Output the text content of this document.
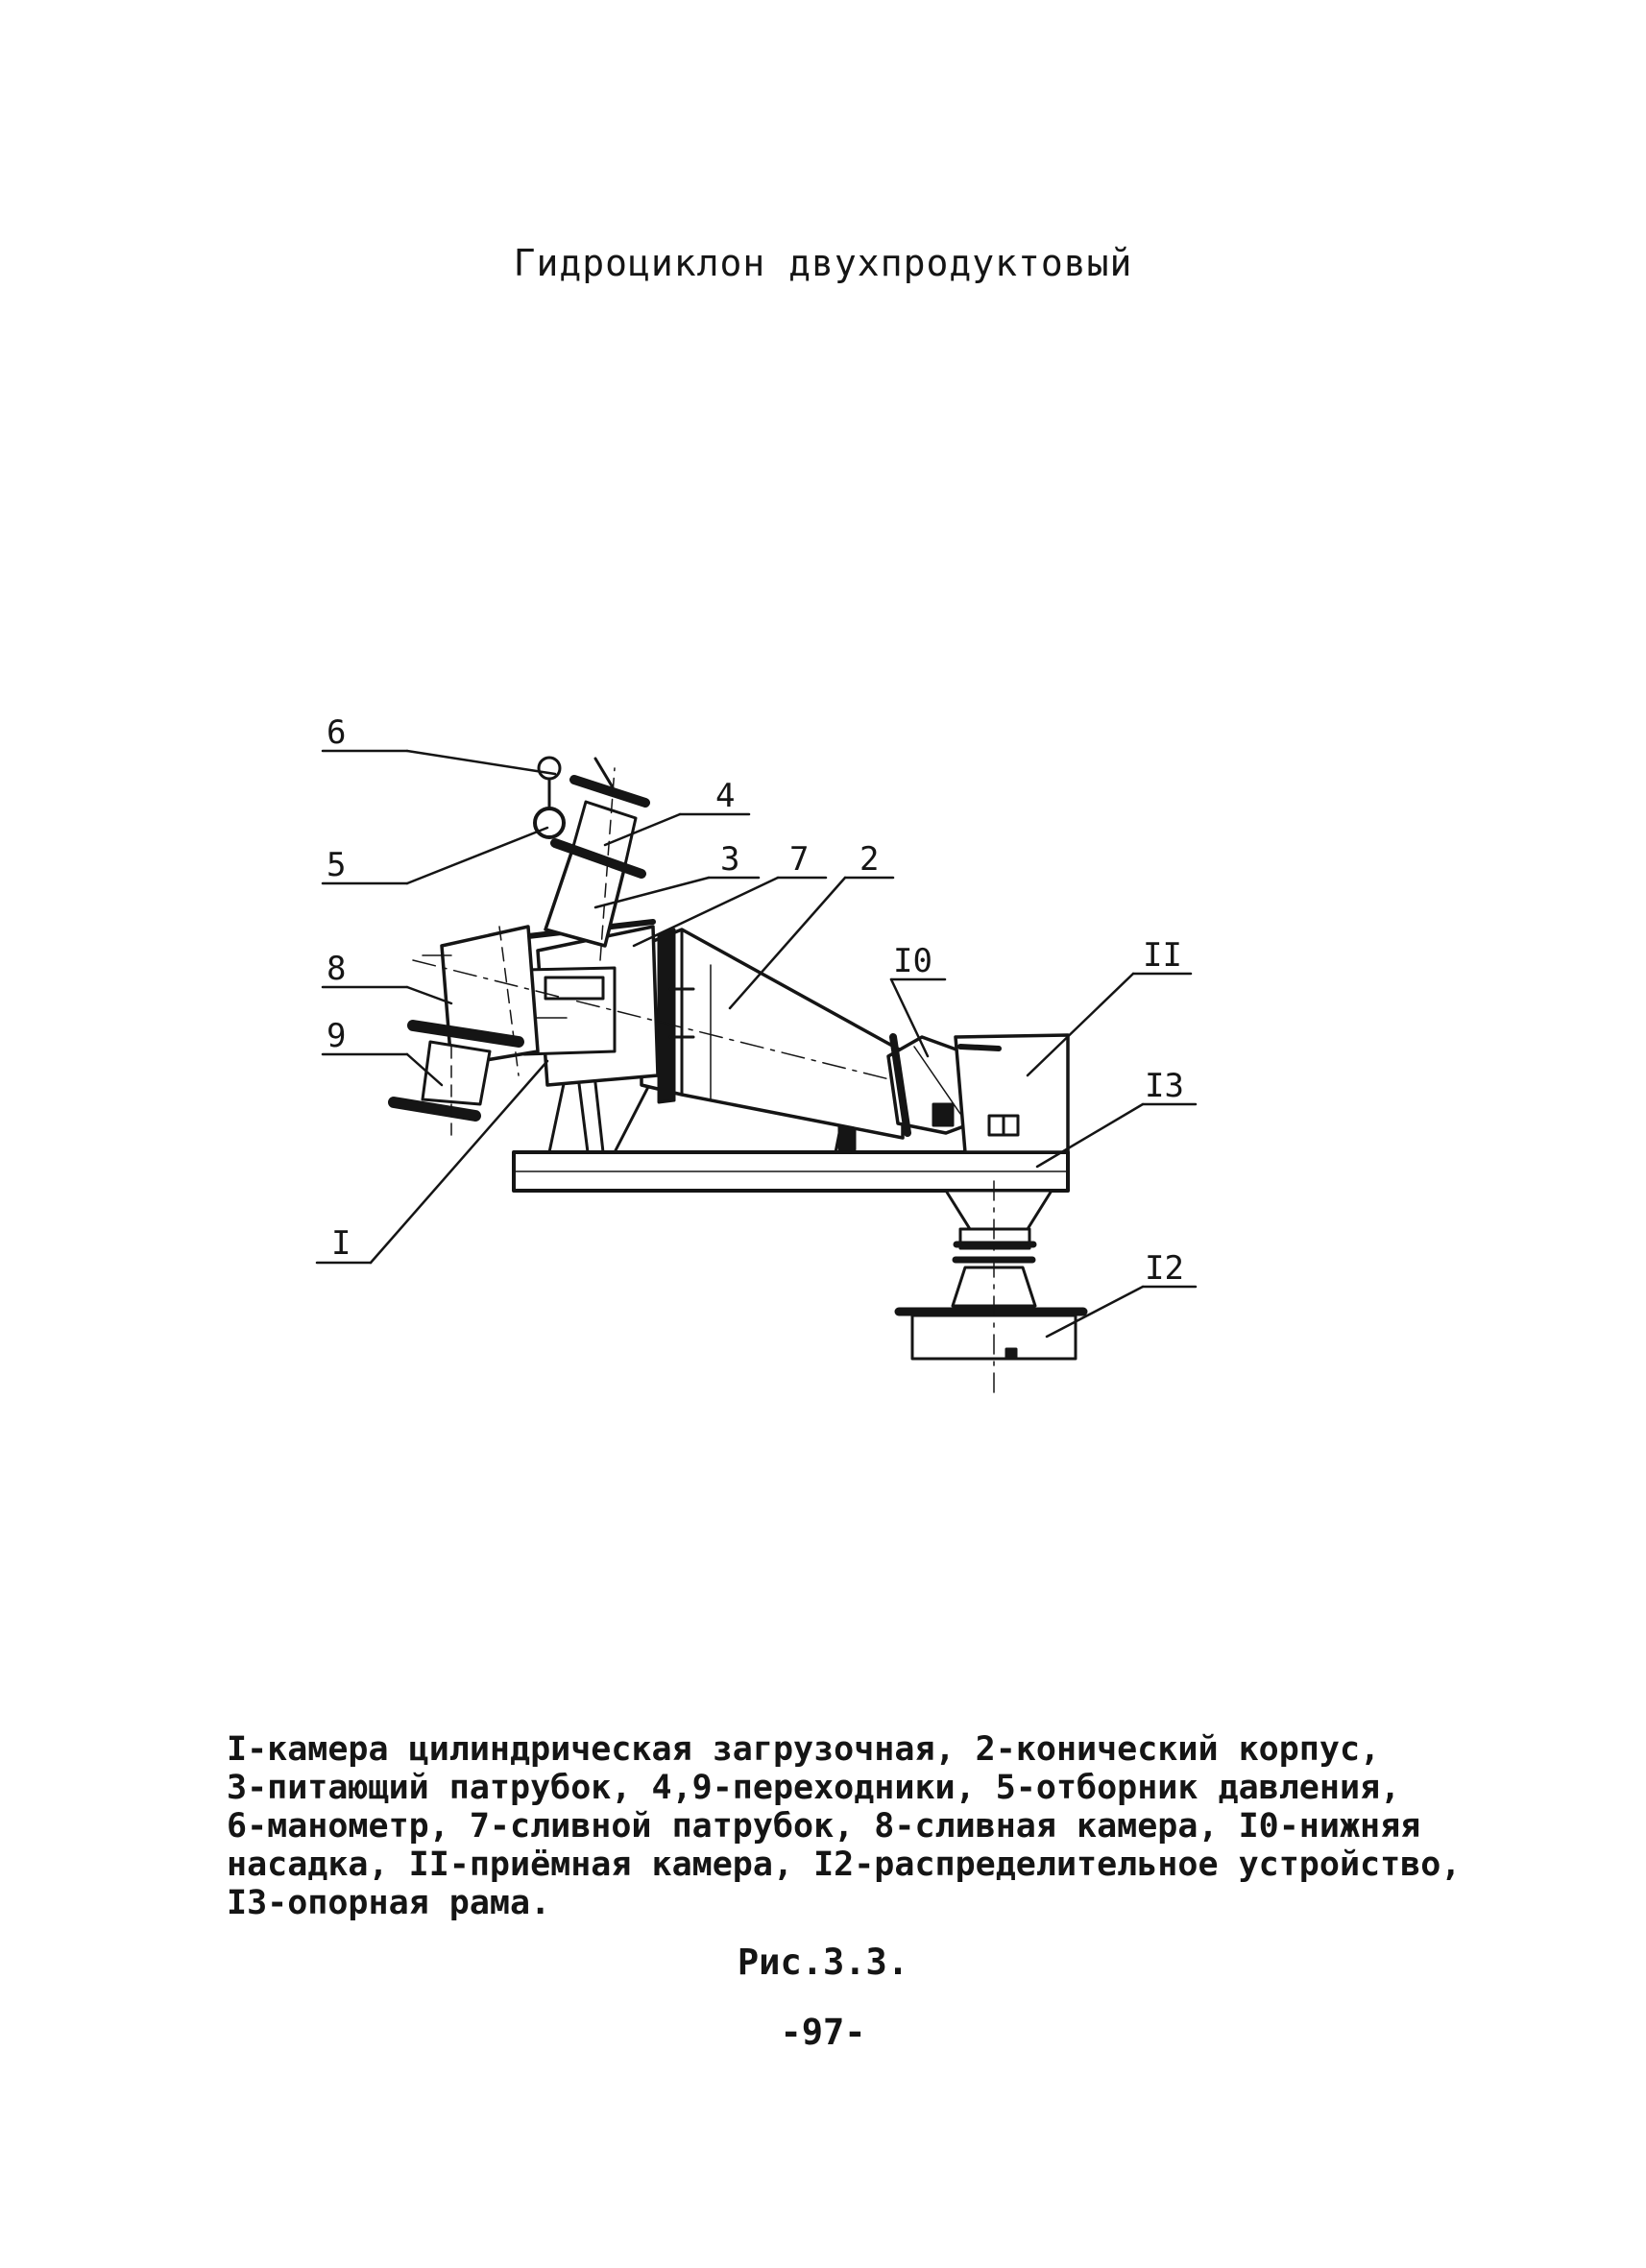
Гидроциклон двухпродуктовый
6
5
4
3 7 2
8
9
I
I0	II
I3
I2
I-камера цилиндрическая загрузочная, 2-конический корпус,
3-питающий патрубок, 4,9-переходники, 5-отборник давления,
6-манометр, 7-сливной патрубок, 8-сливная камера, I0-нижняя
насадка, II-приёмная камера, I2-распределительное устройство,
I3-опорная рама.
Рис.3.3.
-97-
